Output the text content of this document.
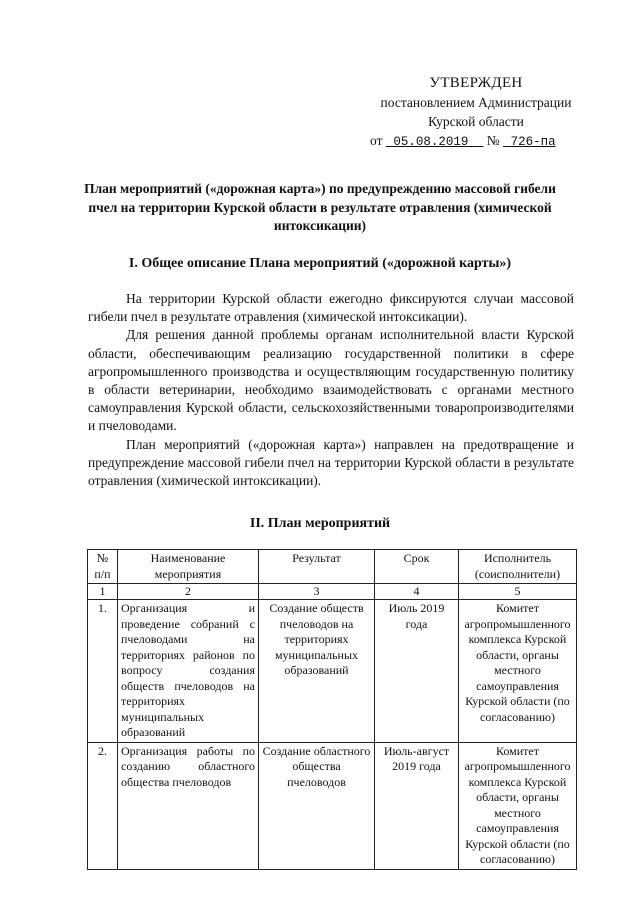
УТВЕРЖДЕН
постановлением Администрации
Курской области
от 05.08.2019 № 726-па
План мероприятий («дорожная карта») по предупреждению массовой гибели пчел на территории Курской области в результате отравления (химической интоксикации)
I. Общее описание Плана мероприятий («дорожной карты»)

На территории Курской области ежегодно фиксируются случаи массовой гибели пчел в результате отравления (химической интоксикации).

Для решения данной проблемы органам исполнительной власти Курской области, обеспечивающим реализацию государственной политики в сфере агропромышленного производства и осуществляющим государственную политику в области ветеринарии, необходимо взаимодействовать с органами местного самоуправления Курской области, сельскохозяйственными товаропроизводителями и пчеловодами.

План мероприятий («дорожная карта») направлен на предотвращение и предупреждение массовой гибели пчел на территории Курской области в результате отравления (химической интоксикации).

II. План мероприятий
№ п/п	Наименование мероприятия	Результат	Срок	Исполнитель (соисполнители)
1	2	3	4	5
1.	Организация и проведение собраний с пчеловодами на территориях районов по вопросу создания обществ пчеловодов на территориях муниципальных образований	Создание обществ пчеловодов на территориях муниципальных образований	Июль 2019 года	Комитет агропромышленного комплекса Курской области, органы местного самоуправления Курской области (по согласованию)
2.	Организация работы по созданию областного общества пчеловодов	Создание областного общества пчеловодов	Июль-август 2019 года	Комитет агропромышленного комплекса Курской области, органы местного самоуправления Курской области (по согласованию)
